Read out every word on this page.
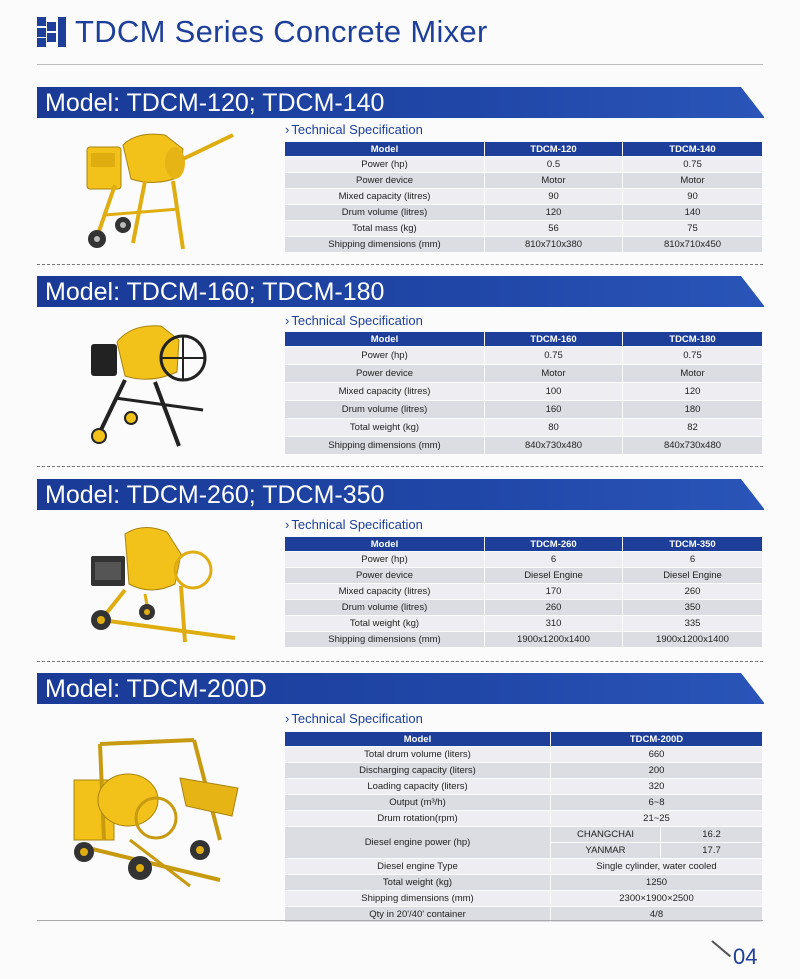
TDCM Series Concrete Mixer
Model: TDCM-120; TDCM-140
› Technical Specification
Model	TDCM-120	TDCM-140
Power (hp)	0.5	0.75
Power device	Motor	Motor
Mixed capacity (litres)	90	90
Drum volume (litres)	120	140
Total mass (kg)	56	75
Shipping dimensions (mm)	810x710x380	810x710x450
Model: TDCM-160; TDCM-180
› Technical Specification
Model	TDCM-160	TDCM-180
Power (hp)	0.75	0.75
Power device	Motor	Motor
Mixed capacity (litres)	100	120
Drum volume (litres)	160	180
Total weight (kg)	80	82
Shipping dimensions (mm)	840x730x480	840x730x480
Model: TDCM-260; TDCM-350
› Technical Specification
Model	TDCM-260	TDCM-350
Power (hp)	6	6
Power device	Diesel Engine	Diesel Engine
Mixed capacity (litres)	170	260
Drum volume (litres)	260	350
Total weight (kg)	310	335
Shipping dimensions (mm)	1900x1200x1400	1900x1200x1400
Model: TDCM-200D
› Technical Specification
Model	TDCM-200D	
Total drum volume (liters)	660	
Discharging capacity (liters)	200	
Loading capacity (liters)	320	
Output (m³/h)	6~8	
Drum rotation(rpm)	21~25	
Diesel engine power (hp)	CHANGCHAI	16.2
	YANMAR	17.7
Diesel engine Type	Single cylinder, water cooled	
Total weight (kg)	1250	
Shipping dimensions (mm)	2300×1900×2500	
Qty in 20'/40' container	4/8	
04
